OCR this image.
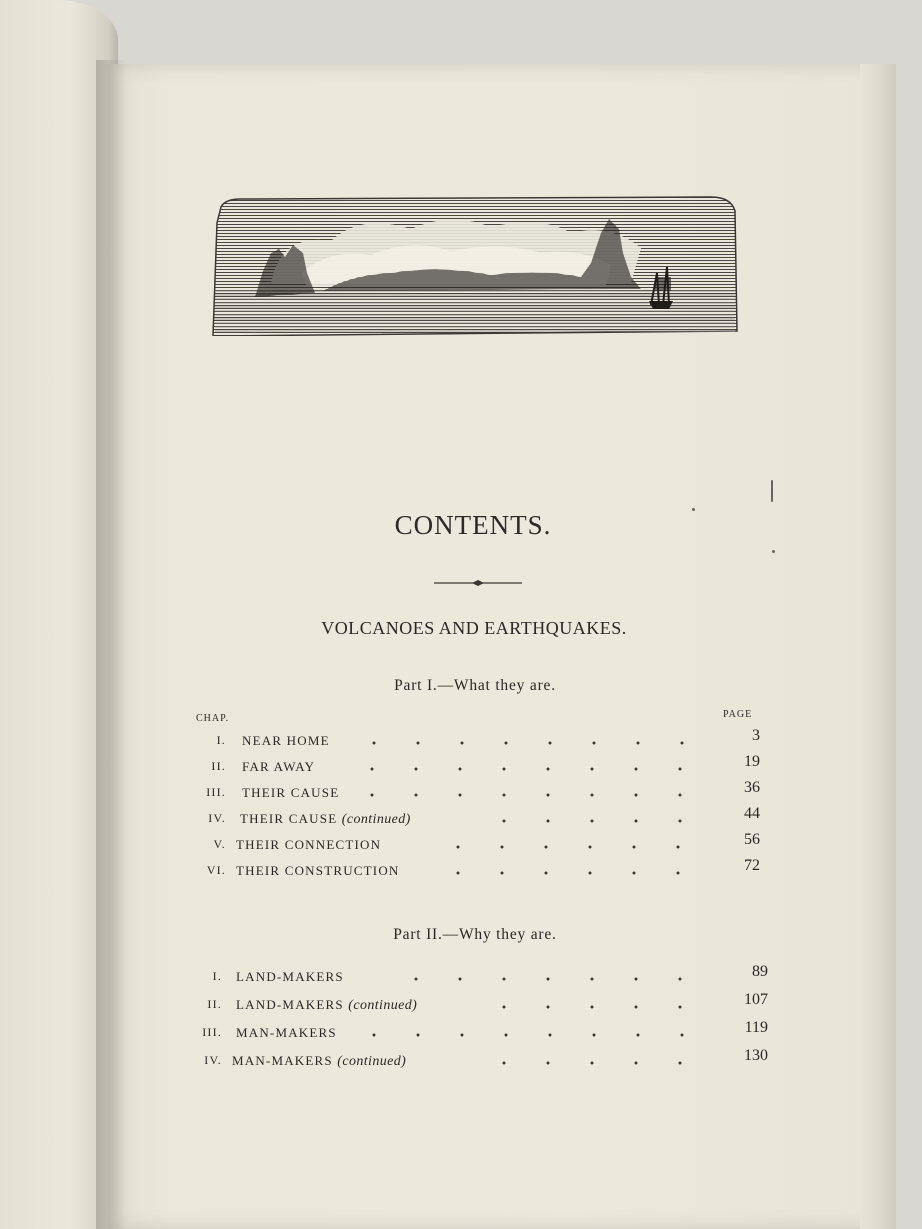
CONTENTS.
VOLCANOES AND EARTHQUAKES.
Part I.—What they are.
CHAP.	PAGE
I. NEAR HOME	3
II. FAR AWAY	19
III. THEIR CAUSE	36
IV. THEIR CAUSE (continued)	44
V. THEIR CONNECTION	56
VI. THEIR CONSTRUCTION	72
Part II.—Why they are.
I. LAND-MAKERS	89
II. LAND-MAKERS (continued)	107
III. MAN-MAKERS	119
IV. MAN-MAKERS (continued)	130
